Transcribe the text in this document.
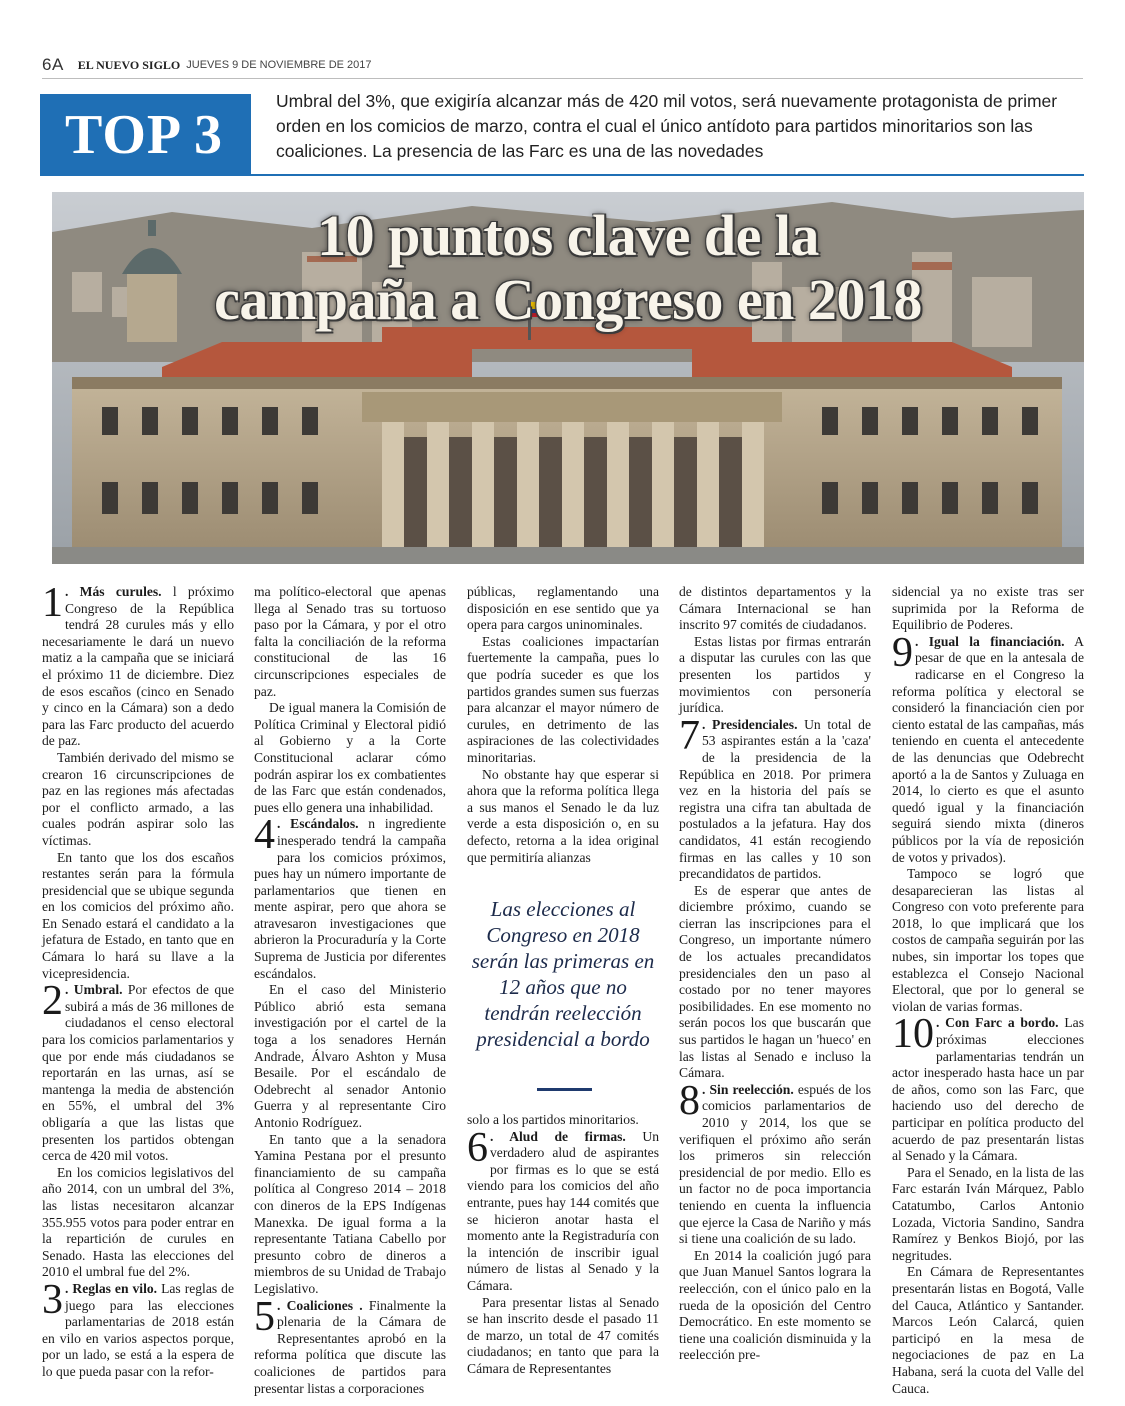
6A EL NUEVO SIGLO JUEVES 9 DE NOVIEMBRE DE 2017
TOP 3
Umbral del 3%, que exigiría alcanzar más de 420 mil votos, será nuevamente protagonista de primer orden en los comicios de marzo, contra el cual el único antídoto para partidos minoritarios son las coaliciones. La presencia de las Farc es una de las novedades
10 puntos clave de la
campaña a Congreso en 2018

1 . Más curules. l próximo Congreso de la República tendrá 28 curules más y ello necesariamente le dará un nuevo matiz a la campaña que se iniciará el próximo 11 de diciembre. Diez de esos escaños (cinco en Senado y cinco en la Cámara) son a dedo para las Farc producto del acuerdo de paz.

También derivado del mismo se crearon 16 circunscripciones de paz en las regiones más afectadas por el conflicto armado, a las cuales podrán aspirar solo las víctimas.

En tanto que los dos escaños restantes serán para la fórmula presidencial que se ubique segunda en los comicios del próximo año. En Senado estará el candidato a la jefatura de Estado, en tanto que en Cámara lo hará su llave a la vicepresidencia.

2 . Umbral. Por efectos de que subirá a más de 36 millones de ciudadanos el censo electoral para los comicios parlamentarios y que por ende más ciudadanos se reportarán en las urnas, así se mantenga la media de abstención en 55%, el umbral del 3% obligaría a que las listas que presenten los partidos obtengan cerca de 420 mil votos.

En los comicios legislativos del año 2014, con un umbral del 3%, las listas necesitaron alcanzar 355.955 votos para poder entrar en la repartición de curules en Senado. Hasta las elecciones del 2010 el umbral fue del 2%.

3 . Reglas en vilo. Las reglas de juego para las elecciones parlamentarias de 2018 están en vilo en varios aspectos porque, por un lado, se está a la espera de lo que pueda pasar con la refor-

ma político-electoral que apenas llega al Senado tras su tortuoso paso por la Cámara, y por el otro falta la conciliación de la reforma constitucional de las 16 circunscripciones especiales de paz.

De igual manera la Comisión de Política Criminal y Electoral pidió al Gobierno y a la Corte Constitucional aclarar cómo podrán aspirar los ex combatientes de las Farc que están condenados, pues ello genera una inhabilidad.

4 . Escándalos. n ingrediente inesperado tendrá la campaña para los comicios próximos, pues hay un número importante de parlamentarios que tienen en mente aspirar, pero que ahora se atravesaron investigaciones que abrieron la Procuraduría y la Corte Suprema de Justicia por diferentes escándalos.

En el caso del Ministerio Público abrió esta semana investigación por el cartel de la toga a los senadores Hernán Andrade, Álvaro Ashton y Musa Besaile. Por el escándalo de Odebrecht al senador Antonio Guerra y al representante Ciro Antonio Rodríguez.

En tanto que a la senadora Yamina Pestana por el presunto financiamiento de su campaña política al Congreso 2014 – 2018 con dineros de la EPS Indígenas Manexka. De igual forma a la representante Tatiana Cabello por presunto cobro de dineros a miembros de su Unidad de Trabajo Legislativo.

5 . Coaliciones . Finalmente la plenaria de la Cámara de Representantes aprobó en la reforma política que discute las coaliciones de partidos para presentar listas a corporaciones

públicas, reglamentando una disposición en ese sentido que ya opera para cargos uninominales.

Estas coaliciones impactarían fuertemente la campaña, pues lo que podría suceder es que los partidos grandes sumen sus fuerzas para alcanzar el mayor número de curules, en detrimento de las aspiraciones de las colectividades minoritarias.

No obstante hay que esperar si ahora que la reforma política llega a sus manos el Senado le da luz verde a esta disposición o, en su defecto, retorna a la idea original que permitiría alianzas

Las elecciones al Congreso en 2018 serán las primeras en 12 años que no tendrán reelección presidencial a bordo

solo a los partidos minoritarios.

6 . Alud de firmas. Un verdadero alud de aspirantes por firmas es lo que se está viendo para los comicios del año entrante, pues hay 144 comités que se hicieron anotar hasta el momento ante la Registraduría con la intención de inscribir igual número de listas al Senado y la Cámara.

Para presentar listas al Senado se han inscrito desde el pasado 11 de marzo, un total de 47 comités ciudadanos; en tanto que para la Cámara de Representantes

de distintos departamentos y la Cámara Internacional se han inscrito 97 comités de ciudadanos.

Estas listas por firmas entrarán a disputar las curules con las que presenten los partidos y movimientos con personería jurídica.

7 . Presidenciales. Un total de 53 aspirantes están a la 'caza' de la presidencia de la República en 2018. Por primera vez en la historia del país se registra una cifra tan abultada de postulados a la jefatura. Hay dos candidatos, 41 están recogiendo firmas en las calles y 10 son precandidatos de partidos.

Es de esperar que antes de diciembre próximo, cuando se cierran las inscripciones para el Congreso, un importante número de los actuales precandidatos presidenciales den un paso al costado por no tener mayores posibilidades. En ese momento no serán pocos los que buscarán que sus partidos le hagan un 'hueco' en las listas al Senado e incluso la Cámara.

8 . Sin reelección. espués de los comicios parlamentarios de 2010 y 2014, los que se verifiquen el próximo año serán los primeros sin relección presidencial de por medio. Ello es un factor no de poca importancia teniendo en cuenta la influencia que ejerce la Casa de Nariño y más si tiene una coalición de su lado.

En 2014 la coalición jugó para que Juan Manuel Santos lograra la reelección, con el único palo en la rueda de la oposición del Centro Democrático. En este momento se tiene una coalición disminuida y la reelección pre-

sidencial ya no existe tras ser suprimida por la Reforma de Equilibrio de Poderes.

9 . Igual la financiación. A pesar de que en la antesala de radicarse en el Congreso la reforma política y electoral se consideró la financiación cien por ciento estatal de las campañas, más teniendo en cuenta el antecedente de las denuncias que Odebrecht aportó a la de Santos y Zuluaga en 2014, lo cierto es que el asunto quedó igual y la financiación seguirá siendo mixta (dineros públicos por la vía de reposición de votos y privados).

Tampoco se logró que desaparecieran las listas al Congreso con voto preferente para 2018, lo que implicará que los costos de campaña seguirán por las nubes, sin importar los topes que establezca el Consejo Nacional Electoral, que por lo general se violan de varias formas.

10 . Con Farc a bordo. Las próximas elecciones parlamentarias tendrán un actor inesperado hasta hace un par de años, como son las Farc, que haciendo uso del derecho de participar en política producto del acuerdo de paz presentarán listas al Senado y la Cámara.

Para el Senado, en la lista de las Farc estarán Iván Márquez, Pablo Catatumbo, Carlos Antonio Lozada, Victoria Sandino, Sandra Ramírez y Benkos Biojó, por las negritudes.

En Cámara de Representantes presentarán listas en Bogotá, Valle del Cauca, Atlántico y Santander. Marcos León Calarcá, quien participó en la mesa de negociaciones de paz en La Habana, será la cuota del Valle del Cauca.
